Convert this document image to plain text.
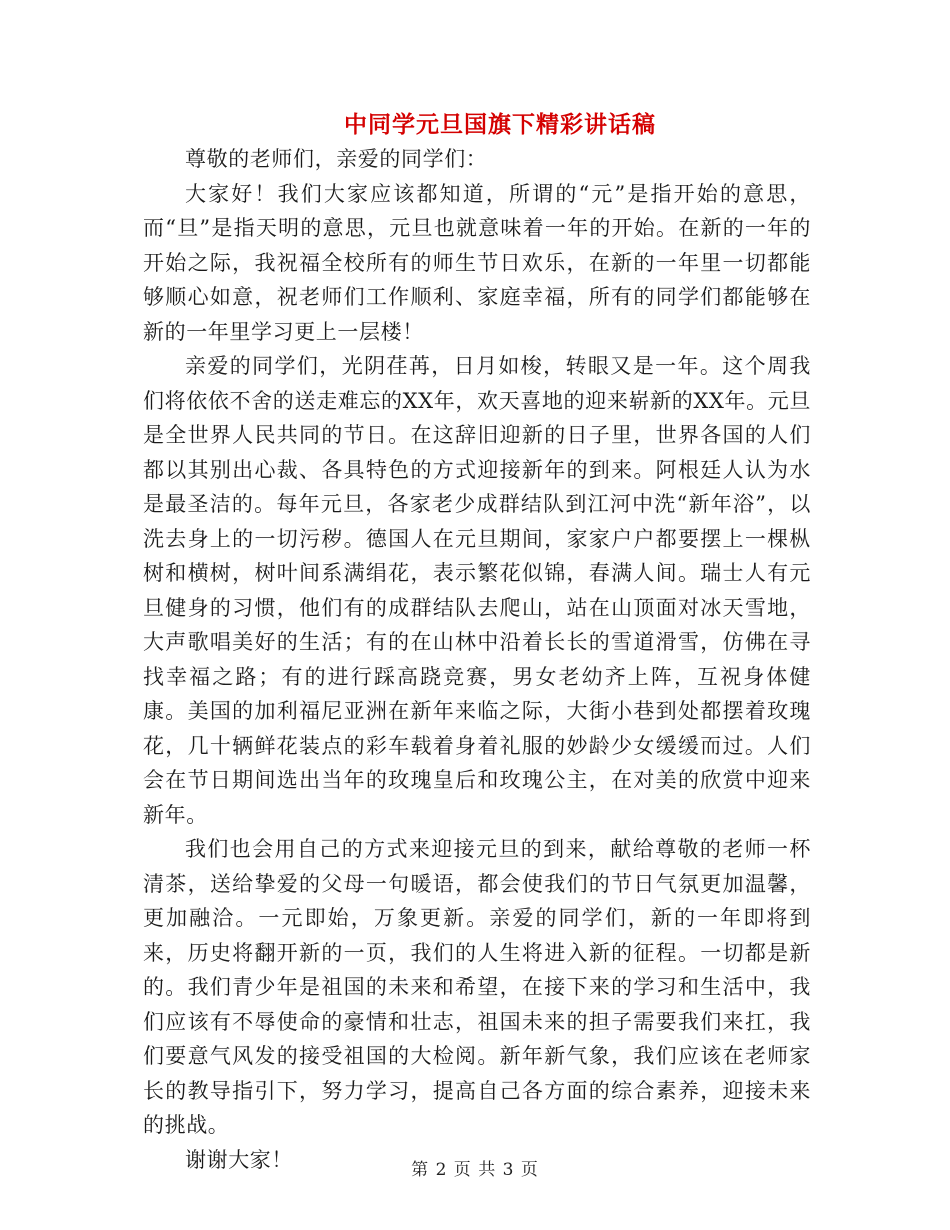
中同学元旦国旗下精彩讲话稿

尊敬的老师们，亲爱的同学们：

大家好！我们大家应该都知道，所谓的“元”是指开始的意思，而“旦”是指天明的意思，元旦也就意味着一年的开始。在新的一年的开始之际，我祝福全校所有的师生节日欢乐，在新的一年里一切都能够顺心如意，祝老师们工作顺利、家庭幸福，所有的同学们都能够在新的一年里学习更上一层楼！

亲爱的同学们，光阴荏苒，日月如梭，转眼又是一年。这个周我们将依依不舍的送走难忘的XX年，欢天喜地的迎来崭新的XX年。元旦是全世界人民共同的节日。在这辞旧迎新的日子里，世界各国的人们都以其别出心裁、各具特色的方式迎接新年的到来。阿根廷人认为水是最圣洁的。每年元旦，各家老少成群结队到江河中洗“新年浴”，以洗去身上的一切污秽。德国人在元旦期间，家家户户都要摆上一棵枞树和横树，树叶间系满绢花，表示繁花似锦，春满人间。瑞士人有元旦健身的习惯，他们有的成群结队去爬山，站在山顶面对冰天雪地，大声歌唱美好的生活；有的在山林中沿着长长的雪道滑雪，仿佛在寻找幸福之路；有的进行踩高跷竞赛，男女老幼齐上阵，互祝身体健康。美国的加利福尼亚洲在新年来临之际，大街小巷到处都摆着玫瑰花，几十辆鲜花装点的彩车载着身着礼服的妙龄少女缓缓而过。人们会在节日期间选出当年的玫瑰皇后和玫瑰公主，在对美的欣赏中迎来新年。

我们也会用自己的方式来迎接元旦的到来，献给尊敬的老师一杯清茶，送给挚爱的父母一句暖语，都会使我们的节日气氛更加温馨，更加融洽。一元即始，万象更新。亲爱的同学们，新的一年即将到来，历史将翻开新的一页，我们的人生将进入新的征程。一切都是新的。我们青少年是祖国的未来和希望，在接下来的学习和生活中，我们应该有不辱使命的豪情和壮志，祖国未来的担子需要我们来扛，我们要意气风发的接受祖国的大检阅。新年新气象，我们应该在老师家长的教导指引下，努力学习，提高自己各方面的综合素养，迎接未来的挑战。

谢谢大家！	第 2 页 共 3 页
